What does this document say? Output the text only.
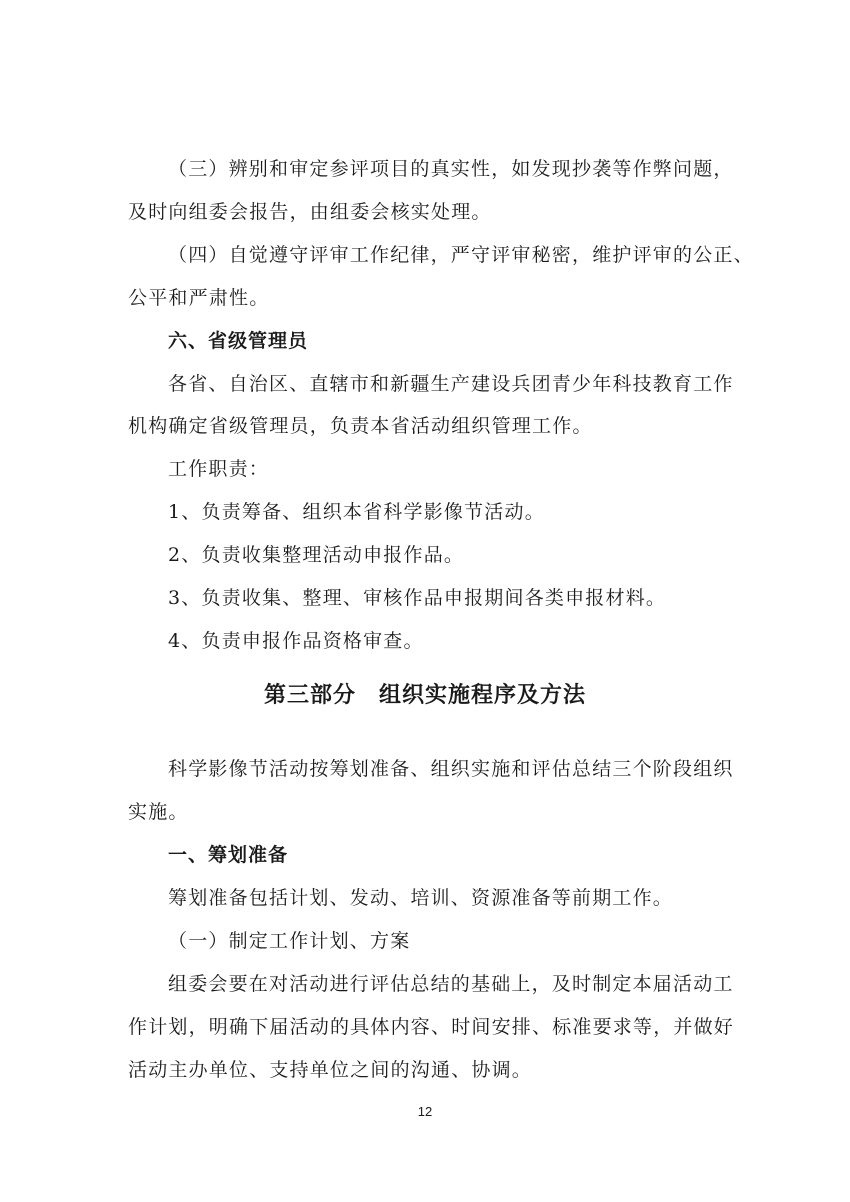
（三）辨别和审定参评项目的真实性，如发现抄袭等作弊问题，
及时向组委会报告，由组委会核实处理。
（四）自觉遵守评审工作纪律，严守评审秘密，维护评审的公正、
公平和严肃性。
六、省级管理员
各省、自治区、直辖市和新疆生产建设兵团青少年科技教育工作
机构确定省级管理员，负责本省活动组织管理工作。
工作职责：
1、负责筹备、组织本省科学影像节活动。
2、负责收集整理活动申报作品。
3、负责收集、整理、审核作品申报期间各类申报材料。
4、负责申报作品资格审查。
第三部分　组织实施程序及方法
科学影像节活动按筹划准备、组织实施和评估总结三个阶段组织
实施。
一、筹划准备
筹划准备包括计划、发动、培训、资源准备等前期工作。
（一）制定工作计划、方案
组委会要在对活动进行评估总结的基础上，及时制定本届活动工
作计划，明确下届活动的具体内容、时间安排、标准要求等，并做好
活动主办单位、支持单位之间的沟通、协调。
12
